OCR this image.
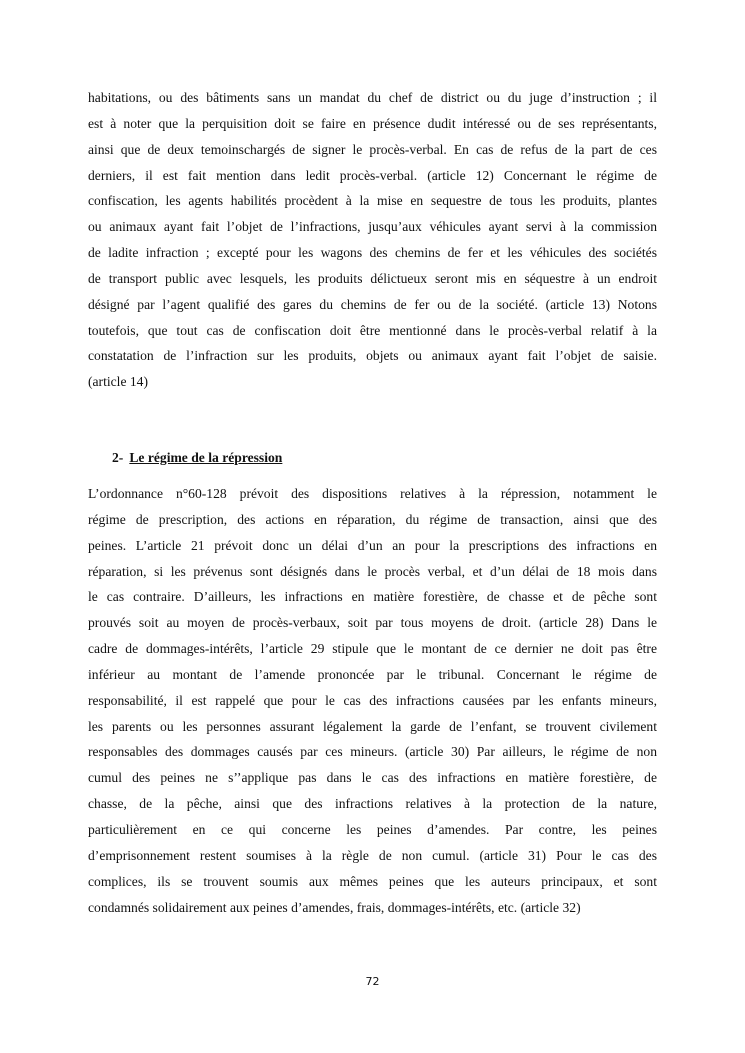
habitations, ou des bâtiments sans un mandat du chef de district ou du juge d’instruction ; il
est à noter que la perquisition doit se faire en présence dudit intéressé ou de ses représentants,
ainsi que de deux temoinschargés de signer le procès-verbal. En cas de refus de la part de ces
derniers, il est fait mention dans ledit procès-verbal. (article 12) Concernant le régime de
confiscation, les agents habilités procèdent à la mise en sequestre de tous les produits, plantes
ou animaux ayant fait l’objet de l’infractions, jusqu’aux véhicules ayant servi à la commission
de ladite infraction ; excepté pour les wagons des chemins de fer et les véhicules des sociétés
de transport public avec lesquels, les produits délictueux seront mis en séquestre à un endroit
désigné par l’agent qualifié des gares du chemins de fer ou de la société. (article 13) Notons
toutefois, que tout cas de confiscation doit être mentionné dans le procès-verbal relatif à la
constatation de l’infraction sur les produits, objets ou animaux ayant fait l’objet de saisie.
(article 14)
2- Le régime de la répression
L’ordonnance n°60-128 prévoit des dispositions relatives à la répression, notamment le
régime de prescription, des actions en réparation, du régime de transaction, ainsi que des
peines. L’article 21 prévoit donc un délai d’un an pour la prescriptions des infractions en
réparation, si les prévenus sont désignés dans le procès verbal, et d’un délai de 18 mois dans
le cas contraire. D’ailleurs, les infractions en matière forestière, de chasse et de pêche sont
prouvés soit au moyen de procès-verbaux, soit par tous moyens de droit. (article 28) Dans le
cadre de dommages-intérêts, l’article 29 stipule que le montant de ce dernier ne doit pas être
inférieur au montant de l’amende prononcée par le tribunal. Concernant le régime de
responsabilité, il est rappelé que pour le cas des infractions causées par les enfants mineurs,
les parents ou les personnes assurant légalement la garde de l’enfant, se trouvent civilement
responsables des dommages causés par ces mineurs. (article 30) Par ailleurs, le régime de non
cumul des peines ne s’’applique pas dans le cas des infractions en matière forestière, de
chasse, de la pêche, ainsi que des infractions relatives à la protection de la nature,
particulièrement en ce qui concerne les peines d’amendes. Par contre, les peines
d’emprisonnement restent soumises à la règle de non cumul. (article 31) Pour le cas des
complices, ils se trouvent soumis aux mêmes peines que les auteurs principaux, et sont
condamnés solidairement aux peines d’amendes, frais, dommages-intérêts, etc. (article 32)
72
